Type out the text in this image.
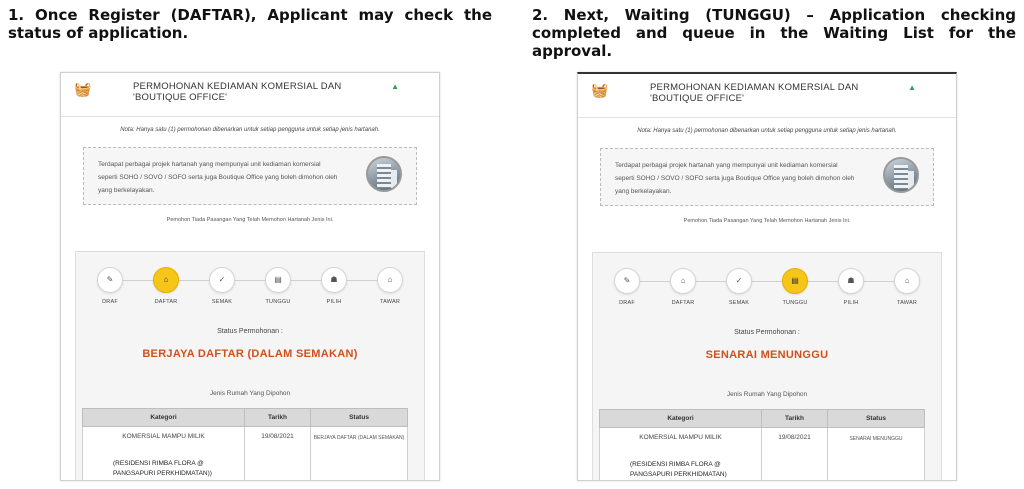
1. Once Register (DAFTAR), Applicant may check the status of application.
2. Next, Waiting (TUNGGU) – Application checking completed and queue in the Waiting List for the approval.
🧺	PERMOHONAN KEDIAMAN KOMERSIAL DAN 'BOUTIQUE OFFICE'
▲
Nota: Hanya satu (1) permohonan dibenarkan untuk setiap pengguna untuk setiap jenis hartanah.
Terdapat perbagai projek hartanah yang mempunyai unit kediaman komersial seperti SOHO / SOVO / SOFO serta juga Boutique Office yang boleh dimohon oleh yang berkelayakan.
Pemohon Tiada Pasangan Yang Telah Memohon Hartanah Jenis Ini.
✎
DRAF
⌂
DAFTAR
✓
SEMAK
▤
TUNGGU
☗
PILIH
⌂
TAWAR
Status Permohonan :
BERJAYA DAFTAR (DALAM SEMAKAN)
Jenis Rumah Yang Dipohon
Kategori	Tarikh	Status
KOMERSIAL MAMPU MILIK
(RESIDENSI RIMBA FLORA @ PANGSAPURI PERKHIDMATAN))	19/08/2021	BERJAYA DAFTAR (DALAM SEMAKAN)
🧺	PERMOHONAN KEDIAMAN KOMERSIAL DAN 'BOUTIQUE OFFICE'
▲
Nota: Hanya satu (1) permohonan dibenarkan untuk setiap pengguna untuk setiap jenis hartanah.
Terdapat perbagai projek hartanah yang mempunyai unit kediaman komersial seperti SOHO / SOVO / SOFO serta juga Boutique Office yang boleh dimohon oleh yang berkelayakan.
Pemohon Tiada Pasangan Yang Telah Memohon Hartanah Jenis Ini.
✎
DRAF
⌂
DAFTAR
✓
SEMAK
▤
TUNGGU
☗
PILIH
⌂
TAWAR
Status Permohonan :
SENARAI MENUNGGU
Jenis Rumah Yang Dipohon
Kategori	Tarikh	Status
KOMERSIAL MAMPU MILIK
(RESIDENSI RIMBA FLORA @ PANGSAPURI PERKHIDMATAN)	19/08/2021	SENARAI MENUNGGU
